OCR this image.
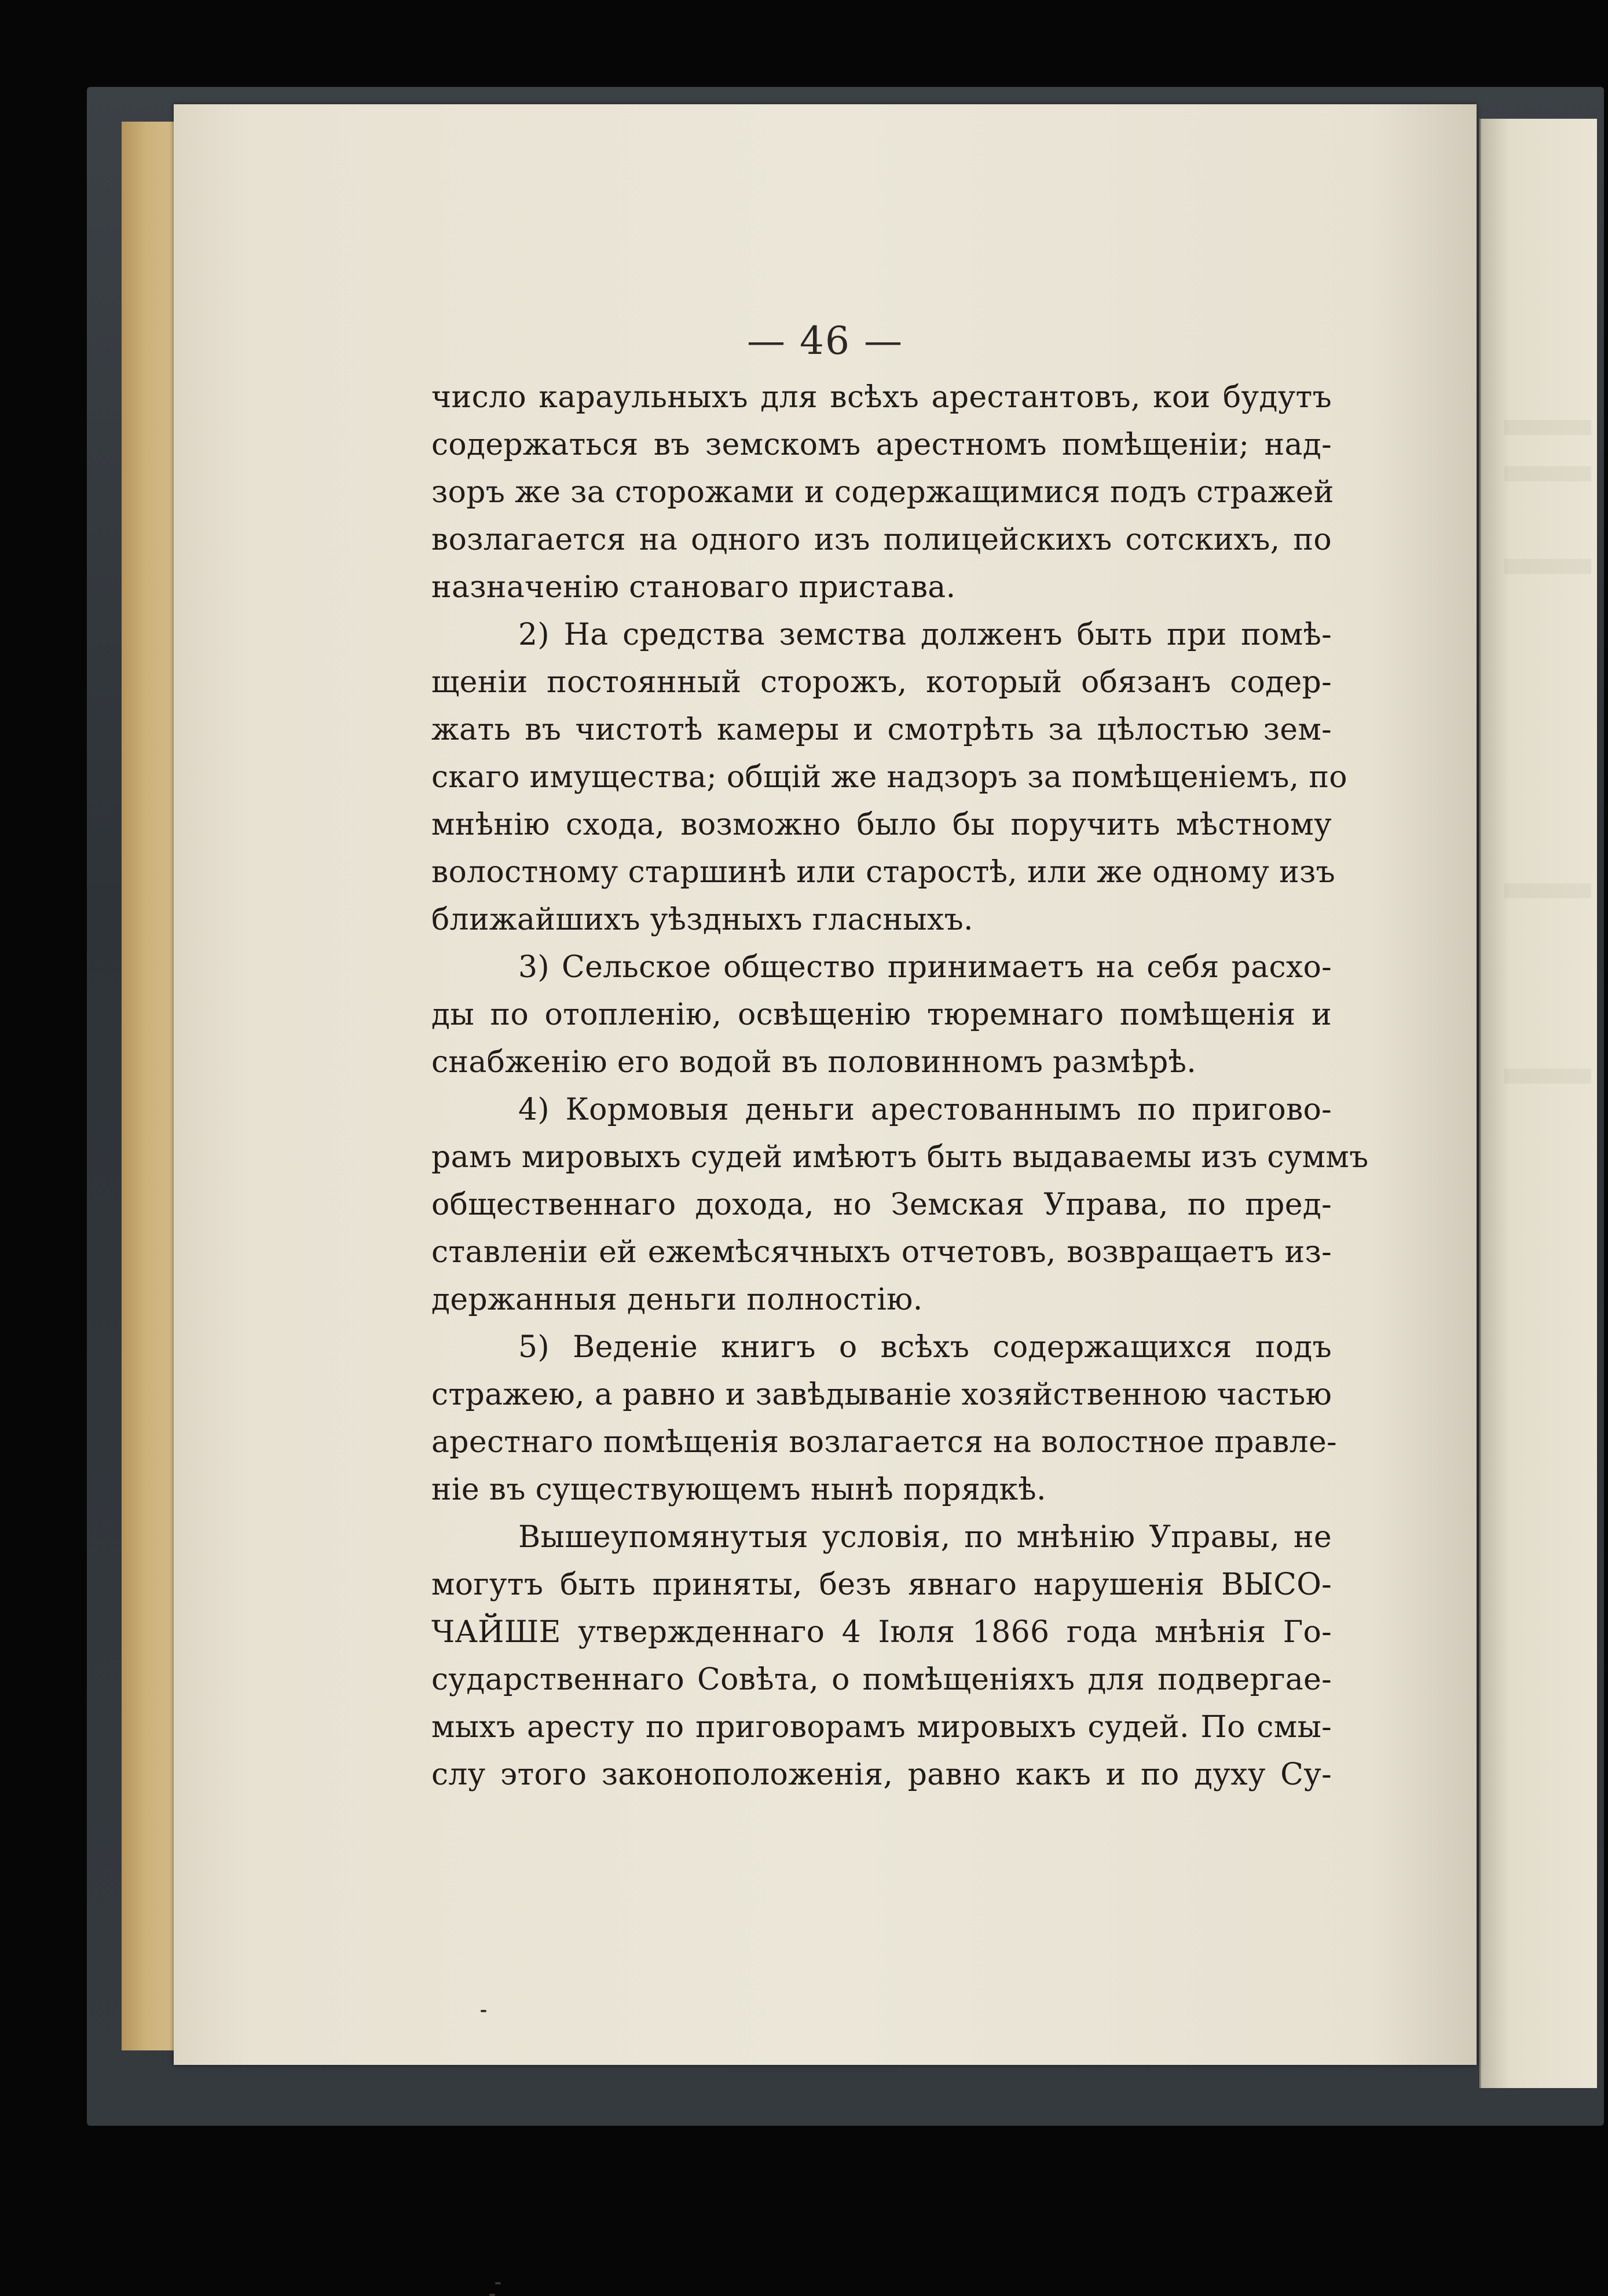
— 46 —

число караульныхъ для всѣхъ арестантовъ, кои будутъ
содержаться въ земскомъ арестномъ помѣщеніи; над-
зоръ же за сторожами и содержащимися подъ стражей
возлагается на одного изъ полицейскихъ сотскихъ, по
назначенію становаго пристава.

2) На средства земства долженъ быть при помѣ-
щеніи постоянный сторожъ, который обязанъ содер-
жать въ чистотѣ камеры и смотрѣть за цѣлостью зем-
скаго имущества; общій же надзоръ за помѣщеніемъ, по
мнѣнію схода, возможно было бы поручить мѣстному
волостному старшинѣ или старостѣ, или же одному изъ
ближайшихъ уѣздныхъ гласныхъ.

3) Сельское общество принимаетъ на себя расхо-
ды по отопленію, освѣщенію тюремнаго помѣщенія и
снабженію его водой въ половинномъ размѣрѣ.

4) Кормовыя деньги арестованнымъ по пригово-
рамъ мировыхъ судей имѣютъ быть выдаваемы изъ суммъ
общественнаго дохода, но Земская Управа, по пред-
ставленіи ей ежемѣсячныхъ отчетовъ, возвращаетъ из-
держанныя деньги полностію.

5) Веденіе книгъ о всѣхъ содержащихся подъ
стражею, а равно и завѣдываніе хозяйственною частью
арестнаго помѣщенія возлагается на волостное правле-
ніе въ существующемъ нынѣ порядкѣ.

Вышеупомянутыя условія, по мнѣнію Управы, не
могутъ быть приняты, безъ явнаго нарушенія ВЫСО-
ЧАЙШЕ утвержденнаго 4 Іюля 1866 года мнѣнія Го-
сударственнаго Совѣта, о помѣщеніяхъ для подвергае-
мыхъ аресту по приговорамъ мировыхъ судей. По смы-
слу этого законоположенія, равно какъ и по духу Су-
